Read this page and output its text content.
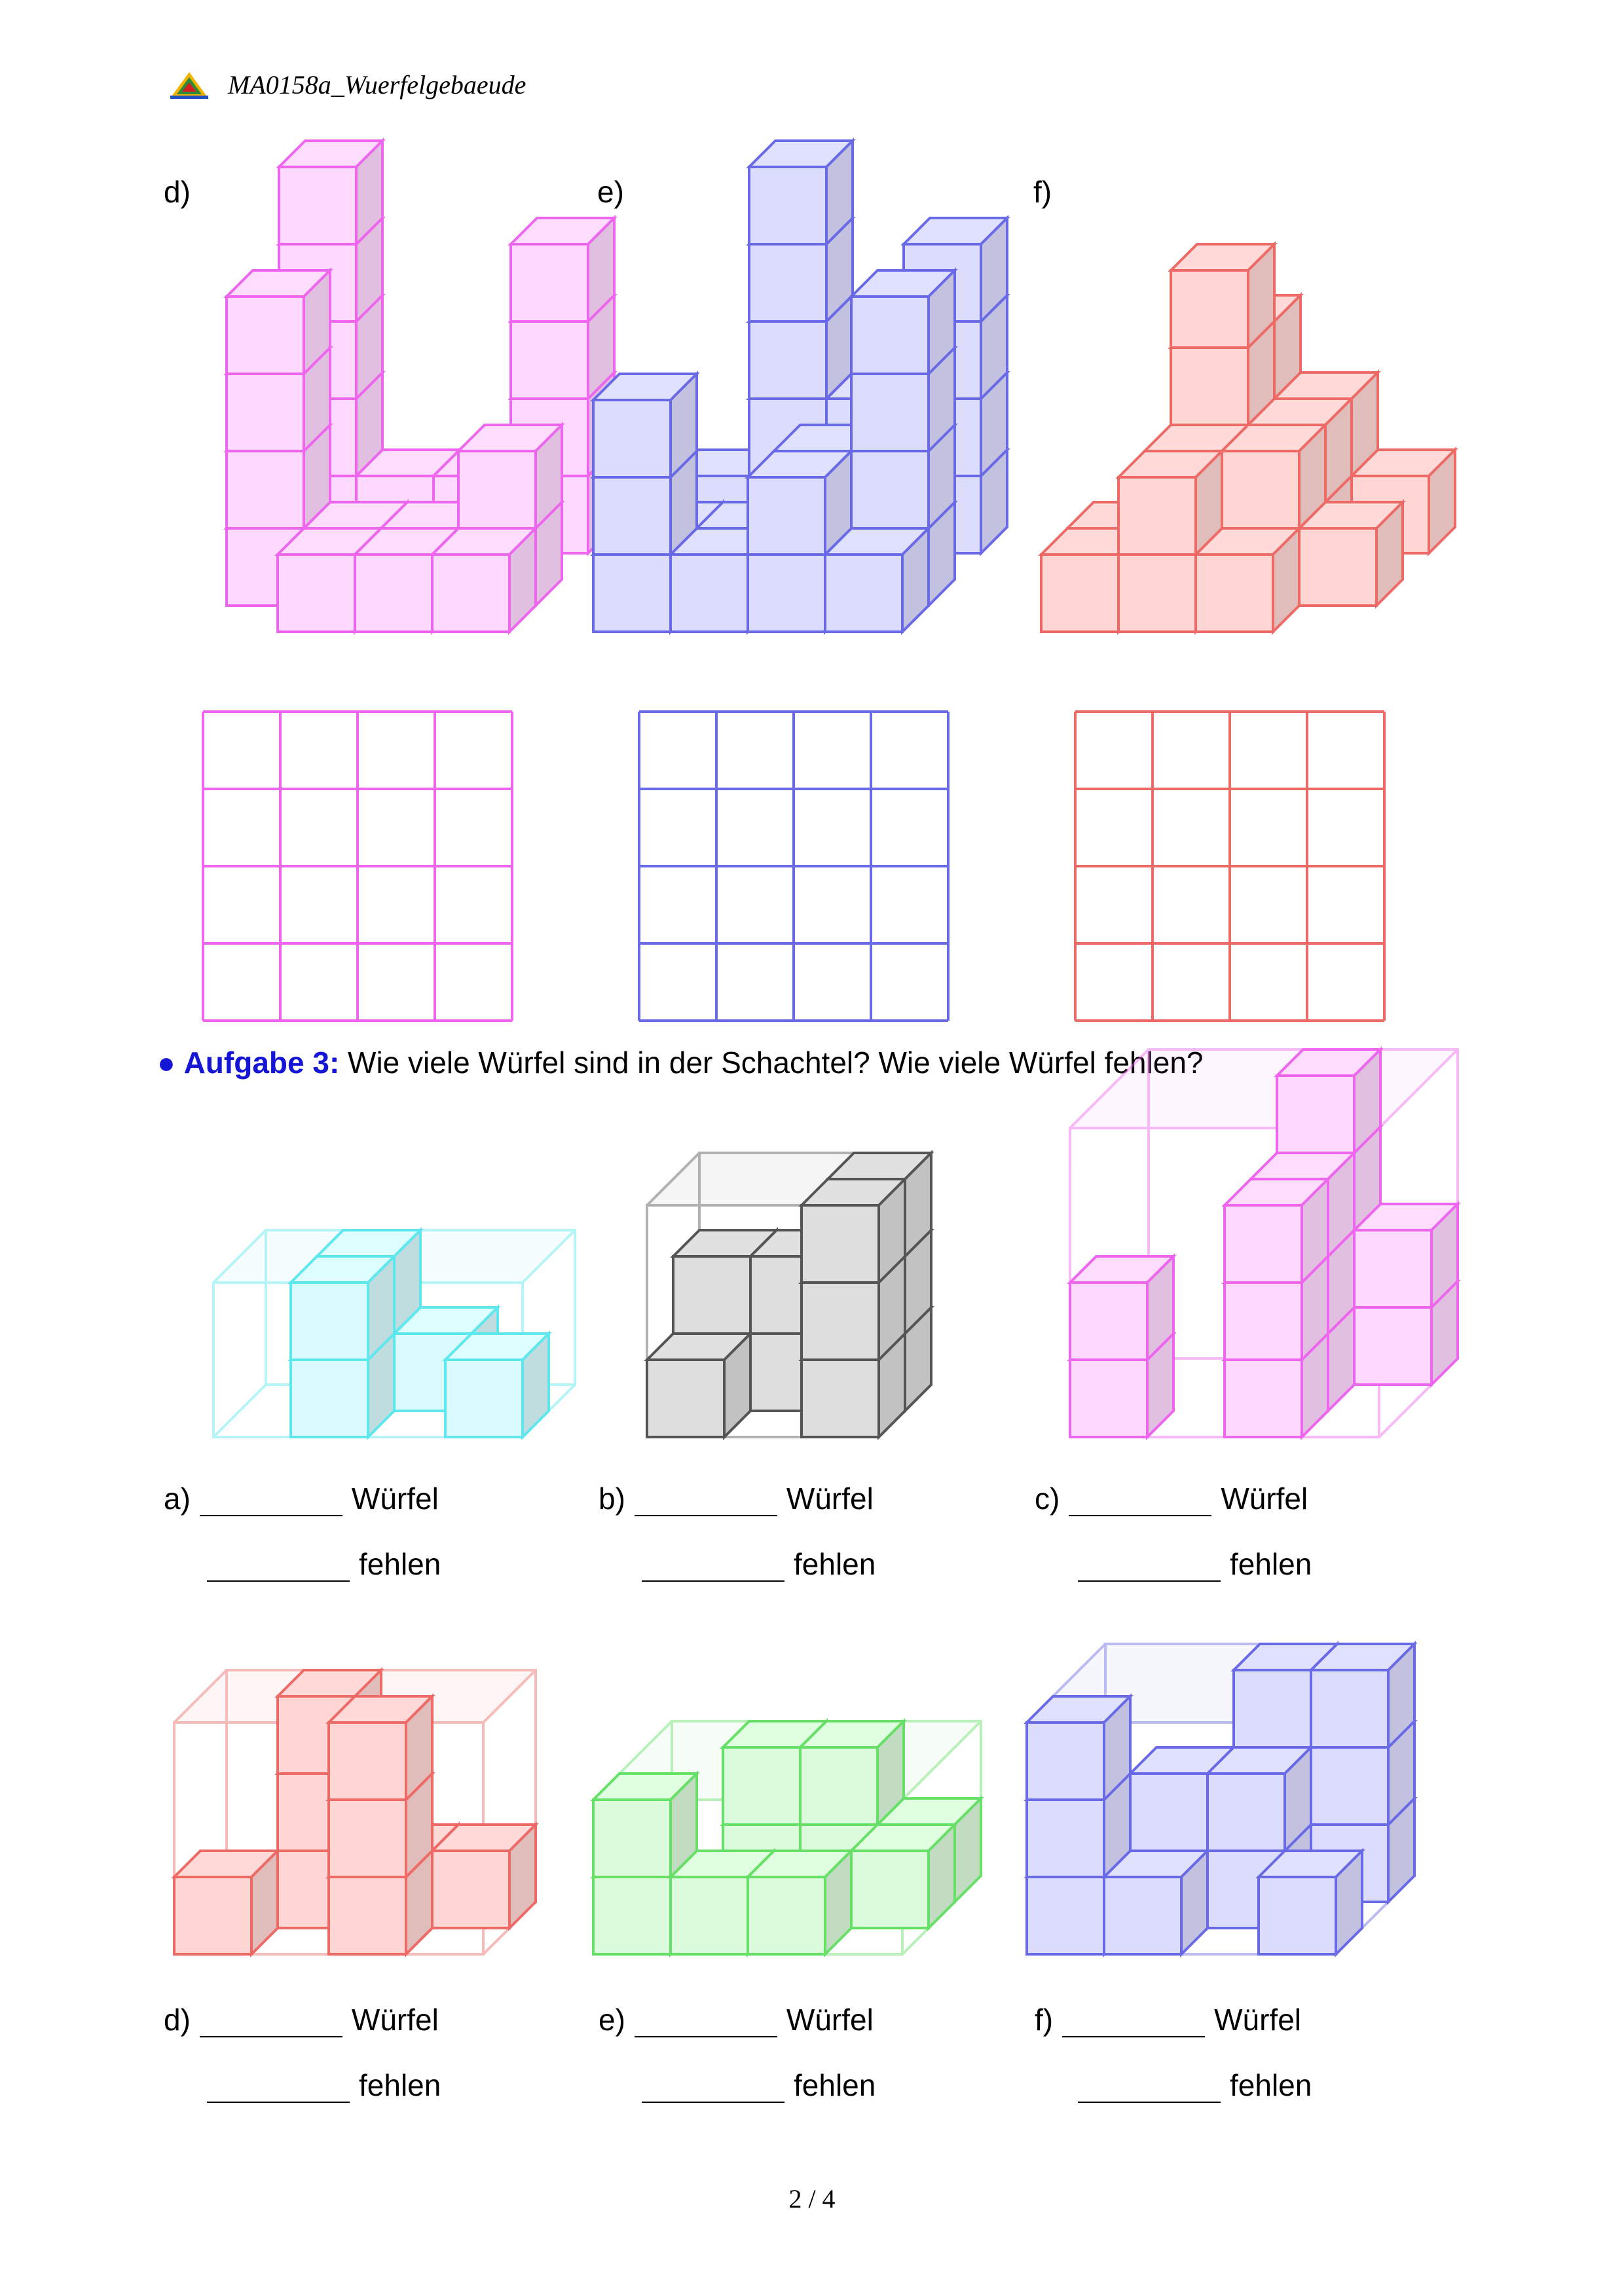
MA0158a_Wuerfelgebaeude
d)	e)	f)
● Aufgabe 3: Wie viele Würfel sind in der Schachtel? Wie viele Würfel fehlen?
a)	Würfel
fehlen
b)	Würfel
fehlen
c)	Würfel
fehlen
d)	Würfel
fehlen
e)	Würfel
fehlen
f)	Würfel
fehlen
2 / 4
